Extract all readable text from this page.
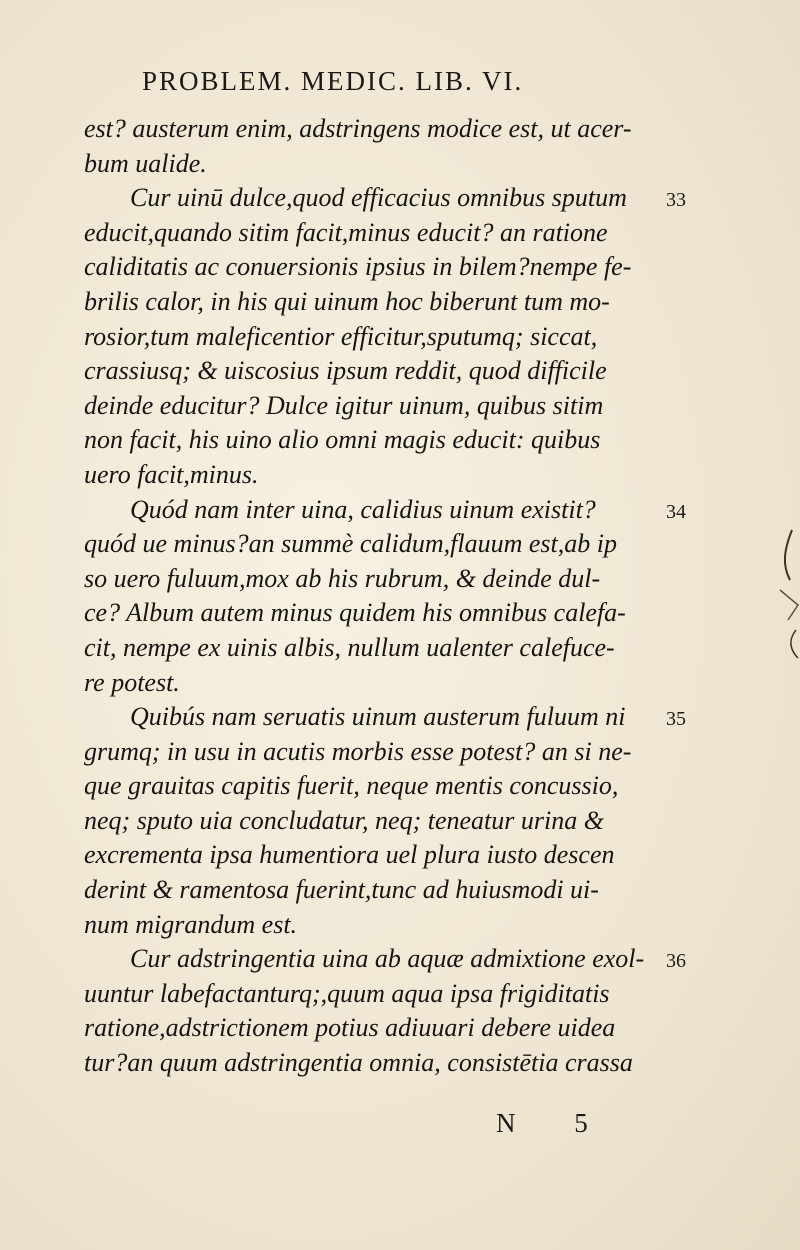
PROBLEM. MEDIC. LIB. VI.
est? austerum enim, adstringens modice est, ut acer-
bum ualide.
Cur uinū dulce,quod efficacius omnibus sputum
educit,quando sitim facit,minus educit? an ratione
caliditatis ac conuersionis ipsius in bilem?nempe fe-
brilis calor, in his qui uinum hoc biberunt tum mo-
rosior,tum maleficentior efficitur,sputumq; siccat,
crassiusq; & uiscosius ipsum reddit, quod difficile
deinde educitur? Dulce igitur uinum, quibus sitim
non facit, his uino alio omni magis educit: quibus
uero facit,minus.
Quód nam inter uina, calidius uinum existit?
quód ue minus?an summè calidum,flauum est,ab ip
so uero fuluum,mox ab his rubrum, & deinde dul-
ce? Album autem minus quidem his omnibus calefa-
cit, nempe ex uinis albis, nullum ualenter calefuce-
re potest.
Quibús nam seruatis uinum austerum fuluum ni
grumq; in usu in acutis morbis esse potest? an si ne-
que grauitas capitis fuerit, neque mentis concussio,
neq; sputo uia concludatur, neq; teneatur urina &
excrementa ipsa humentiora uel plura iusto descen
derint & ramentosa fuerint,tunc ad huiusmodi ui-
num migrandum est.
Cur adstringentia uina ab aquæ admixtione exol-
uuntur labefactanturq;,quum aqua ipsa frigiditatis
ratione,adstrictionem potius adiuuari debere uidea
tur?an quum adstringentia omnia, consistētia crassa
33
34
35
36
N 5
